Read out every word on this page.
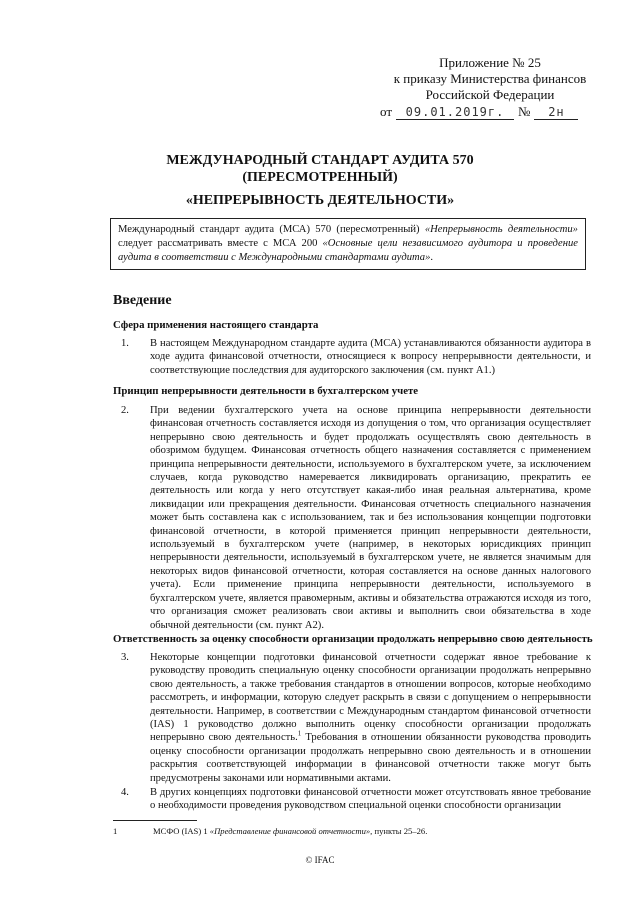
Приложение № 25
к приказу Министерства финансов
Российской Федерации
от	09.01.2019г.	№	2н
МЕЖДУНАРОДНЫЙ СТАНДАРТ АУДИТА 570
(ПЕРЕСМОТРЕННЫЙ)
«НЕПРЕРЫВНОСТЬ ДЕЯТЕЛЬНОСТИ»
Международный стандарт аудита (МСА) 570 (пересмотренный) «Непрерывность деятельности» следует рассматривать вместе с МСА 200 «Основные цели независимого аудитора и проведение аудита в соответствии с Международными стандартами аудита».
Введение
Сфера применения настоящего стандарта
1.	В настоящем Международном стандарте аудита (МСА) устанавливаются обязанности аудитора в ходе аудита финансовой отчетности, относящиеся к вопросу непрерывности деятельности, и соответствующие последствия для аудиторского заключения (см. пункт А1.)
Принцип непрерывности деятельности в бухгалтерском учете
2.	При ведении бухгалтерского учета на основе принципа непрерывности деятельности финансовая отчетность составляется исходя из допущения о том, что организация осуществляет непрерывно свою деятельность и будет продолжать осуществлять свою деятельность в обозримом будущем. Финансовая отчетность общего назначения составляется с применением принципа непрерывности деятельности, используемого в бухгалтерском учете, за исключением случаев, когда руководство намеревается ликвидировать организацию, прекратить ее деятельность или когда у него отсутствует какая-либо иная реальная альтернатива, кроме ликвидации или прекращения деятельности. Финансовая отчетность специального назначения может быть составлена как с использованием, так и без использования концепции подготовки финансовой отчетности, в которой применяется принцип непрерывности деятельности, используемый в бухгалтерском учете (например, в некоторых юрисдикциях принцип непрерывности деятельности, используемый в бухгалтерском учете, не является значимым для некоторых видов финансовой отчетности, которая составляется на основе данных налогового учета). Если применение принципа непрерывности деятельности, используемого в бухгалтерском учете, является правомерным, активы и обязательства отражаются исходя из того, что организация сможет реализовать свои активы и выполнить свои обязательства в ходе обычной деятельности (см. пункт А2).
Ответственность за оценку способности организации продолжать непрерывно свою деятельность
3.	Некоторые концепции подготовки финансовой отчетности содержат явное требование к руководству проводить специальную оценку способности организации продолжать непрерывно свою деятельность, а также требования стандартов в отношении вопросов, которые необходимо рассмотреть, и информации, которую следует раскрыть в связи с допущением о непрерывности деятельности. Например, в соответствии с Международным стандартом финансовой отчетности (IAS) 1 руководство должно выполнить оценку способности организации продолжать непрерывно свою деятельность.$^1$ Требования в отношении обязанности руководства проводить оценку способности организации продолжать непрерывно свою деятельность и в отношении раскрытия соответствующей информации в финансовой отчетности также могут быть предусмотрены законами или нормативными актами.
4.	В других концепциях подготовки финансовой отчетности может отсутствовать явное требование о необходимости проведения руководством специальной оценки способности организации
1	МСФО (IAS) 1 «Представление финансовой отчетности», пункты 25–26.
© IFAC
